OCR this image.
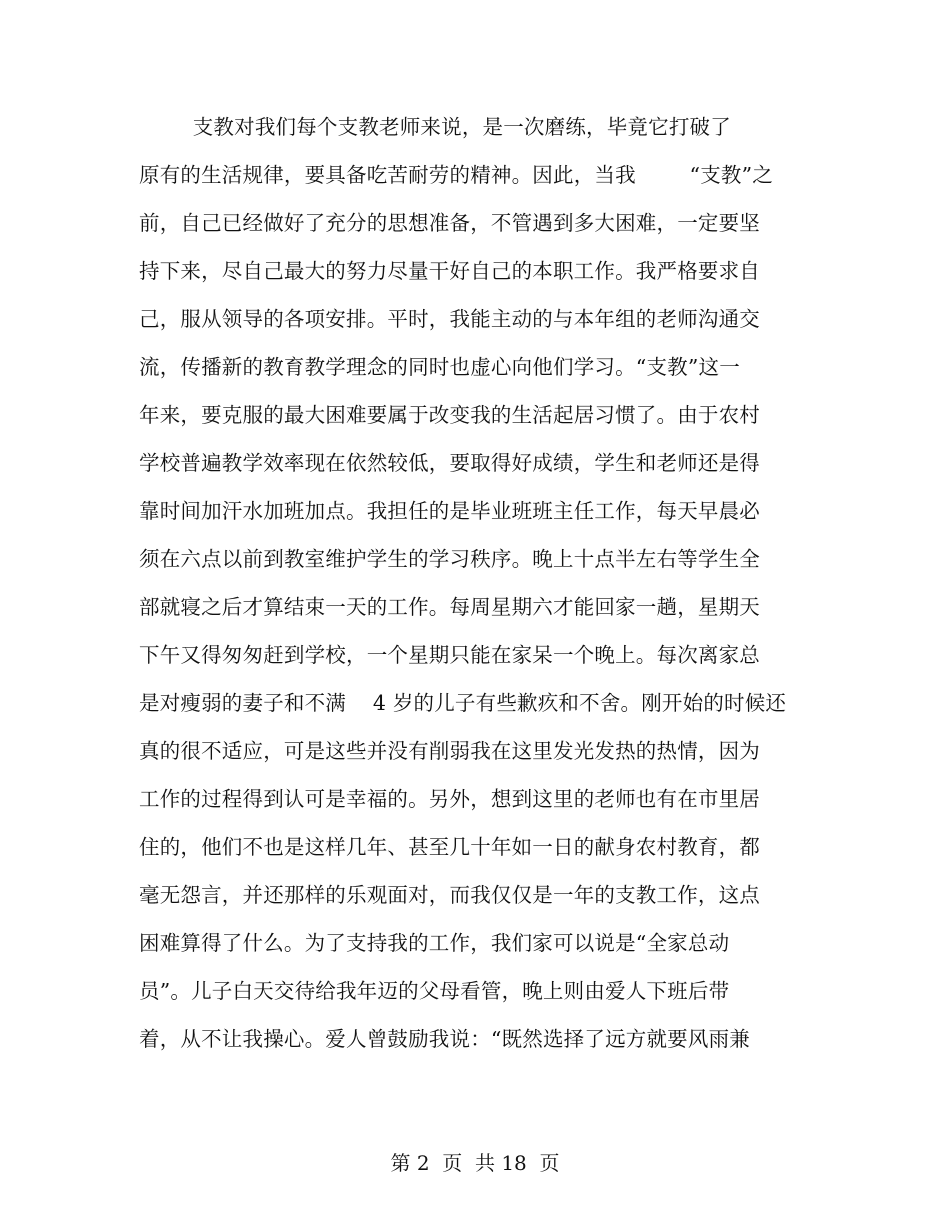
支教对我们每个支教老师来说，是一次磨练，毕竟它打破了
原有的生活规律，要具备吃苦耐劳的精神。因此，当我        “支教”之
前，自己已经做好了充分的思想准备，不管遇到多大困难，一定要坚
持下来，尽自己最大的努力尽量干好自己的本职工作。我严格要求自
己，服从领导的各项安排。平时，我能主动的与本年组的老师沟通交
流，传播新的教育教学理念的同时也虚心向他们学习。“支教”这一
年来，要克服的最大困难要属于改变我的生活起居习惯了。由于农村
学校普遍教学效率现在依然较低，要取得好成绩，学生和老师还是得
靠时间加汗水加班加点。我担任的是毕业班班主任工作，每天早晨必
须在六点以前到教室维护学生的学习秩序。晚上十点半左右等学生全
部就寝之后才算结束一天的工作。每周星期六才能回家一趟，星期天
下午又得匆匆赶到学校，一个星期只能在家呆一个晚上。每次离家总
是对瘦弱的妻子和不满    4 岁的儿子有些歉疚和不舍。刚开始的时候还
真的很不适应，可是这些并没有削弱我在这里发光发热的热情，因为
工作的过程得到认可是幸福的。另外，想到这里的老师也有在市里居
住的，他们不也是这样几年、甚至几十年如一日的献身农村教育，都
毫无怨言，并还那样的乐观面对，而我仅仅是一年的支教工作，这点
困难算得了什么。为了支持我的工作，我们家可以说是“全家总动
员”。儿子白天交待给我年迈的父母看管，晚上则由爱人下班后带
着，从不让我操心。爱人曾鼓励我说：“既然选择了远方就要风雨兼
第 2  页  共 18  页
